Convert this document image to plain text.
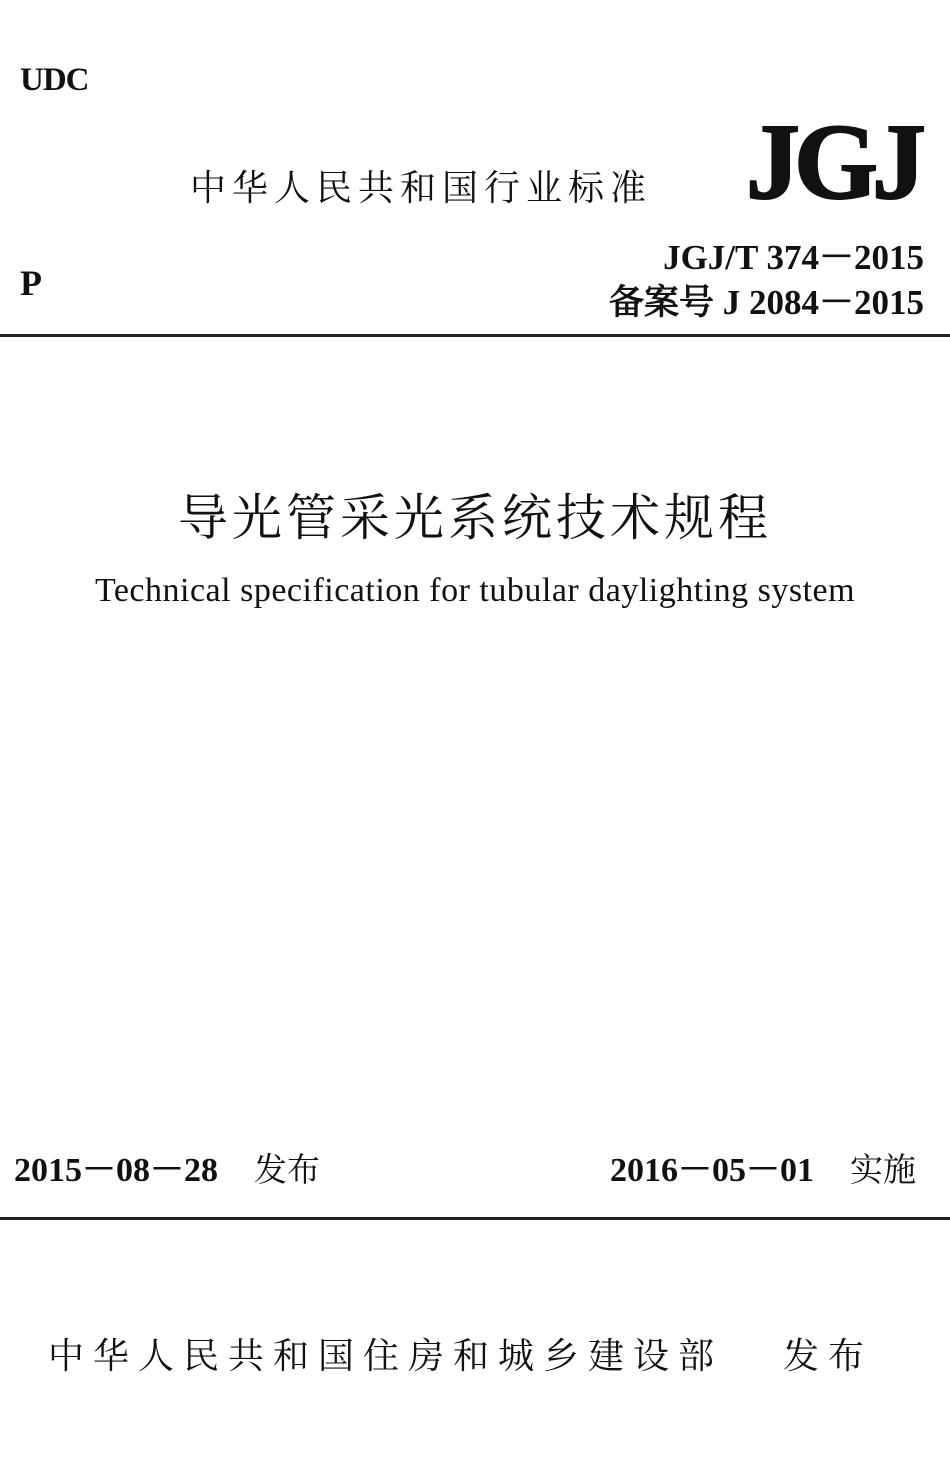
UDC
中华人民共和国行业标准 JGJ
P
JGJ/T 374－2015
备案号 J 2084－2015
导光管采光系统技术规程
Technical specification for tubular daylighting system
2015－08－28 发布	2016－05－01 实施
中华人民共和国住房和城乡建设部 发布
